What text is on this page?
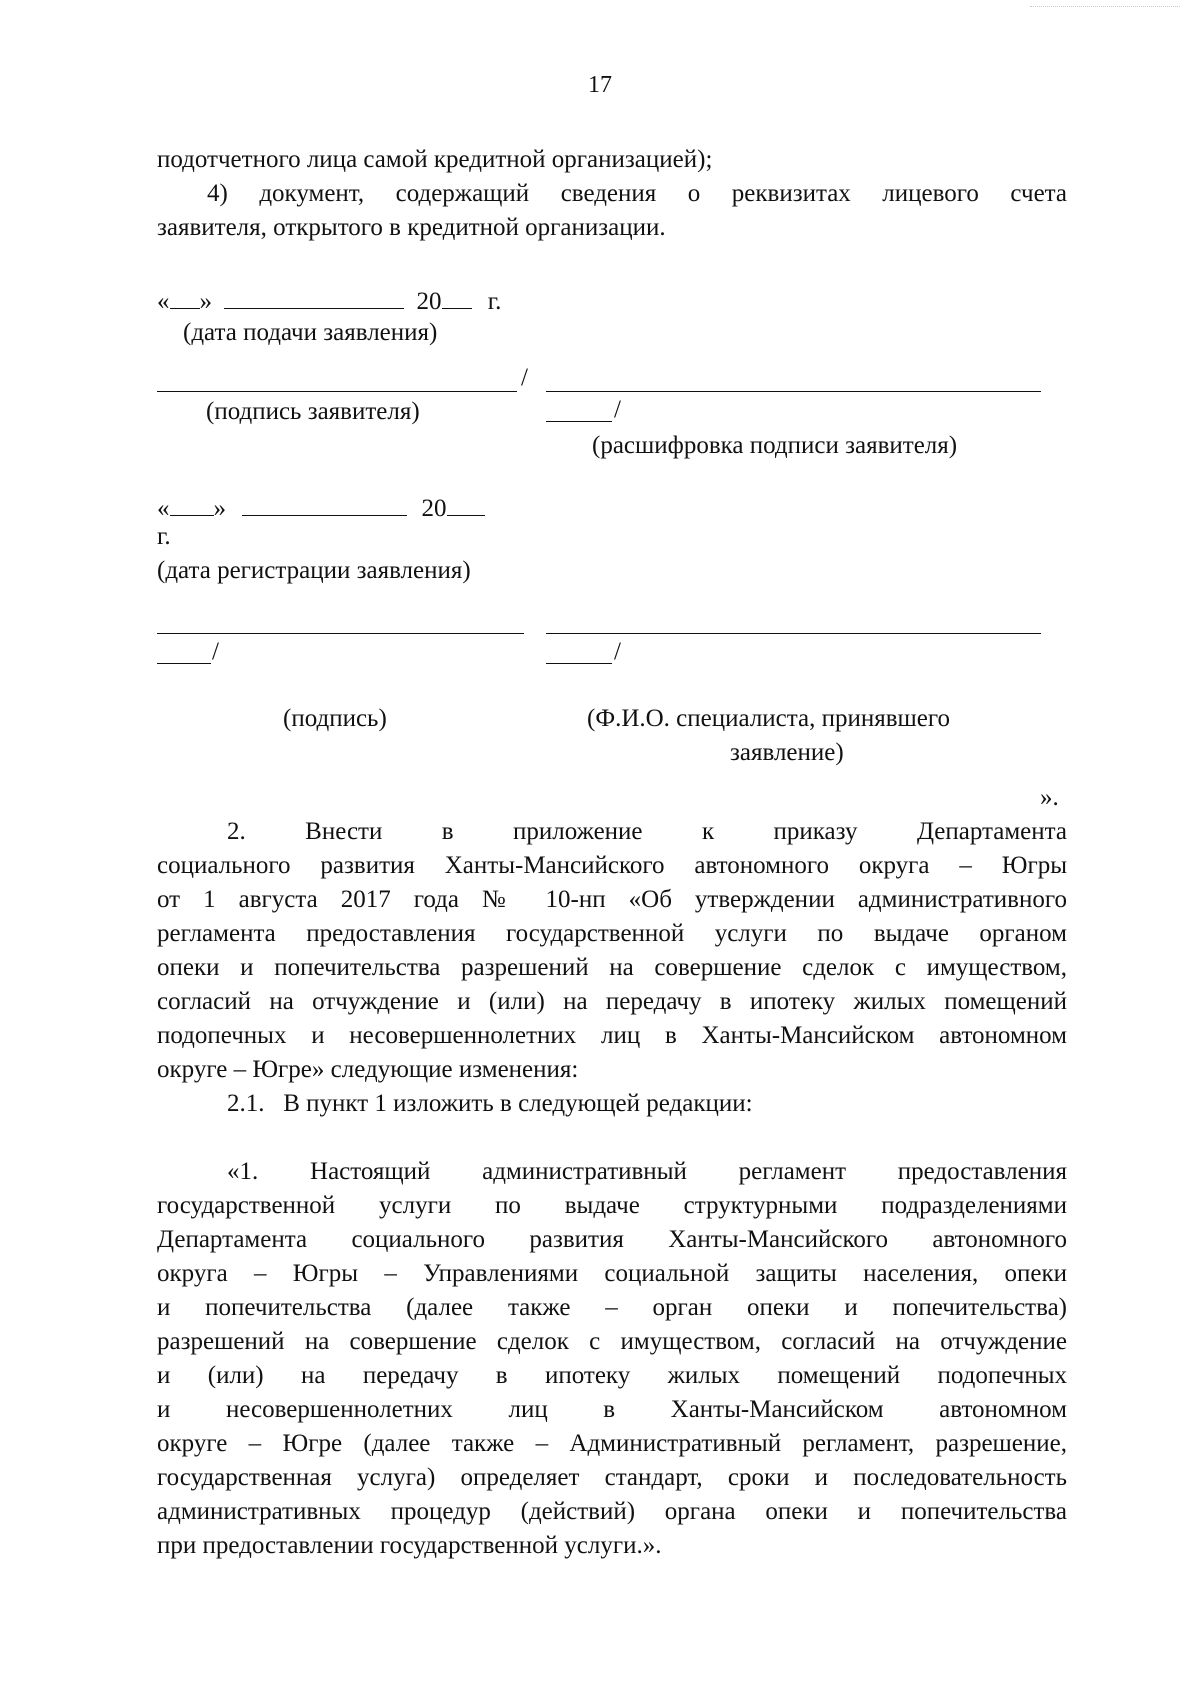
17
подотчетного лица самой кредитной организацией);
4) документ, содержащий сведения о реквизитах лицевого счета
заявителя, открытого в кредитной организации.
« »	20 г.
(дата подачи заявления)
/
(подпись заявителя)	/
(расшифровка подписи заявителя)
« »	20
г.
(дата регистрации заявления)
/	/
(подпись)	(Ф.И.О. специалиста, принявшего
заявление)
».
2. Внести в приложение к приказу Департамента
социального развития Ханты-Мансийского автономного округа – Югры
от 1 августа 2017 года № 10-нп «Об утверждении административного
регламента предоставления государственной услуги по выдаче органом
опеки и попечительства разрешений на совершение сделок с имуществом,
согласий на отчуждение и (или) на передачу в ипотеку жилых помещений
подопечных и несовершеннолетних лиц в Ханты-Мансийском автономном
округе – Югре» следующие изменения:
2.1.   В пункт 1 изложить в следующей редакции:
«1. Настоящий административный регламент предоставления
государственной услуги по выдаче структурными подразделениями
Департамента социального развития Ханты-Мансийского автономного
округа – Югры – Управлениями социальной защиты населения, опеки
и попечительства (далее также – орган опеки и попечительства)
разрешений на совершение сделок с имуществом, согласий на отчуждение
и (или) на передачу в ипотеку жилых помещений подопечных
и несовершеннолетних лиц в Ханты-Мансийском автономном
округе – Югре (далее также – Административный регламент, разрешение,
государственная услуга) определяет стандарт, сроки и последовательность
административных процедур (действий) органа опеки и попечительства
при предоставлении государственной услуги.».
